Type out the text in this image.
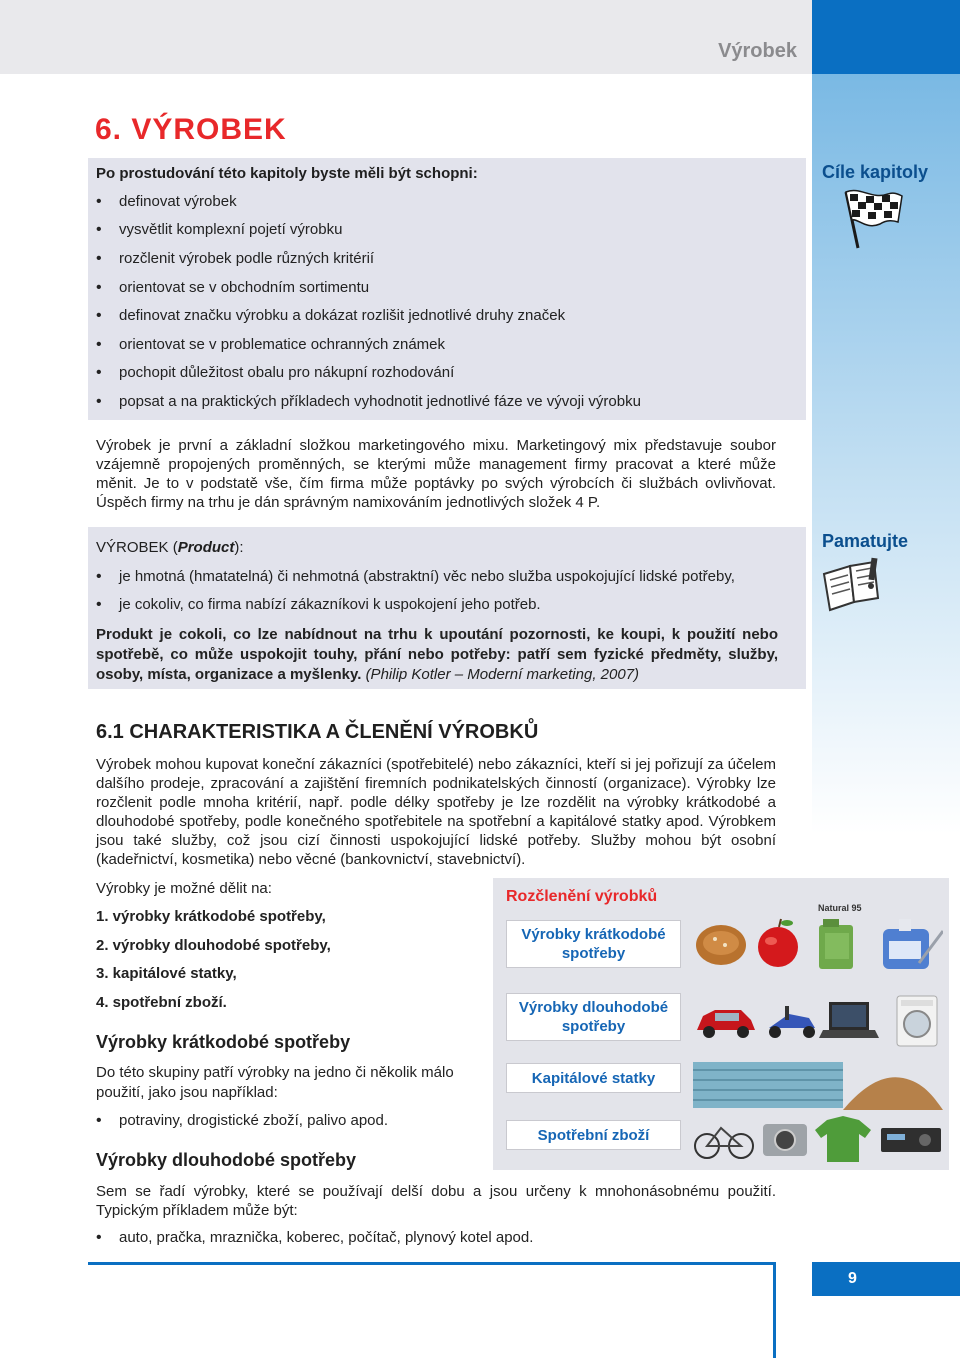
Výrobek
Cíle kapitoly
Pamatujte
6. VÝROBEK
Po prostudování této kapitoly byste měli být schopni:
• definovat výrobek
• vysvětlit komplexní pojetí výrobku
• rozčlenit výrobek podle různých kritérií
• orientovat se v obchodním sortimentu
• definovat značku výrobku a dokázat rozlišit jednotlivé druhy značek
• orientovat se v problematice ochranných známek
• pochopit důležitost obalu pro nákupní rozhodování
• popsat a na praktických příkladech vyhodnotit jednotlivé fáze ve vývoji výrobku
Výrobek je první a základní složkou marketingového mixu. Marketingový mix představuje soubor vzájemně propojených proměnných, se kterými může management firmy pracovat a které může měnit. Je to v podstatě vše, čím firma může poptávky po svých výrobcích či službách ovlivňovat. Úspěch firmy na trhu je dán správným namixováním jednotlivých složek 4 P.
VÝROBEK (Product):
• je hmotná (hmatatelná) či nehmotná (abstraktní) věc nebo služba uspokojující lidské potřeby,
• je cokoliv, co firma nabízí zákazníkovi k uspokojení jeho potřeb.
Produkt je cokoli, co lze nabídnout na trhu k upoutání pozornosti, ke koupi, k použití nebo spotřebě, co může uspokojit touhy, přání nebo potřeby: patří sem fyzické předměty, služby, osoby, místa, organizace a myšlenky. (Philip Kotler – Moderní marketing, 2007)
6.1 CHARAKTERISTIKA A ČLENĚNÍ VÝROBKŮ
Výrobek mohou kupovat koneční zákazníci (spotřebitelé) nebo zákazníci, kteří si jej pořizují za účelem dalšího prodeje, zpracování a zajištění firemních podnikatelských činností (organizace). Výrobky lze rozčlenit podle mnoha kritérií, např. podle délky spotřeby je lze rozdělit na výrobky krátkodobé a dlouhodobé spotřeby, podle konečného spotřebitele na spotřební a kapitálové statky apod. Výrobkem jsou také služby, což jsou cizí činnosti uspokojující lidské potřeby. Služby mohou být osobní (kadeřnictví, kosmetika) nebo věcné (bankovnictví, stavebnictví).
Výrobky je možné dělit na:
1. výrobky krátkodobé spotřeby,
2. výrobky dlouhodobé spotřeby,
3. kapitálové statky,
4. spotřební zboží.
Výrobky krátkodobé spotřeby
Do této skupiny patří výrobky na jedno či několik málo
použití, jako jsou například:
• potraviny, drogistické zboží, palivo apod.
Výrobky dlouhodobé spotřeby
Sem se řadí výrobky, které se používají delší dobu a jsou určeny k mnohonásobnému použití. Typickým příkladem může být:
• auto, pračka, mraznička, koberec, počítač, plynový kotel apod.
Rozčlenění výrobků
Výrobky krátkodobé spotřeby
Výrobky dlouhodobé spotřeby
Kapitálové statky
Spotřební zboží
Natural 95
9
